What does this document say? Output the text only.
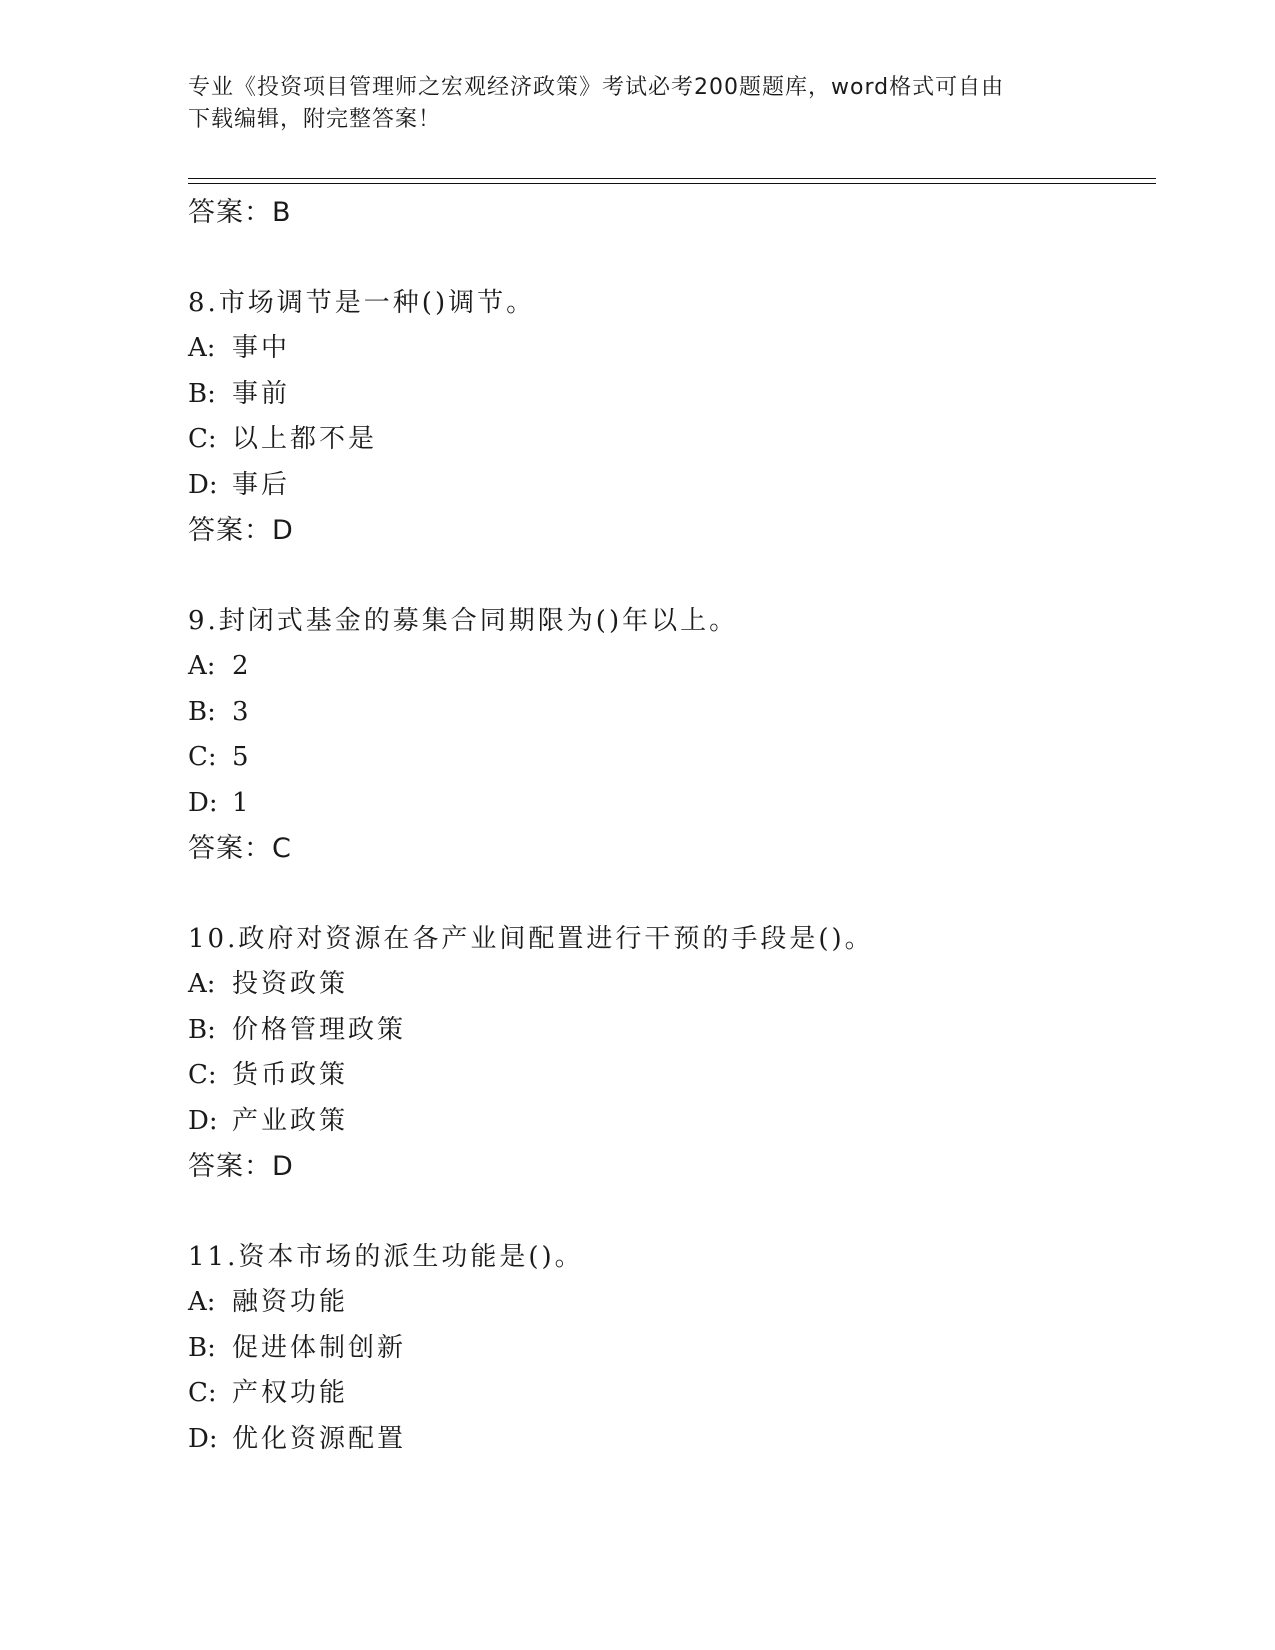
专业《投资项目管理师之宏观经济政策》考试必考200题题库，word格式可自由
下载编辑，附完整答案！
答案：B
8.市场调节是一种()调节。
A: 事中
B: 事前
C: 以上都不是
D: 事后
答案：D
9.封闭式基金的募集合同期限为()年以上。
A: 2
B: 3
C: 5
D: 1
答案：C
10.政府对资源在各产业间配置进行干预的手段是()。
A: 投资政策
B: 价格管理政策
C: 货币政策
D: 产业政策
答案：D
11.资本市场的派生功能是()。
A: 融资功能
B: 促进体制创新
C: 产权功能
D: 优化资源配置
